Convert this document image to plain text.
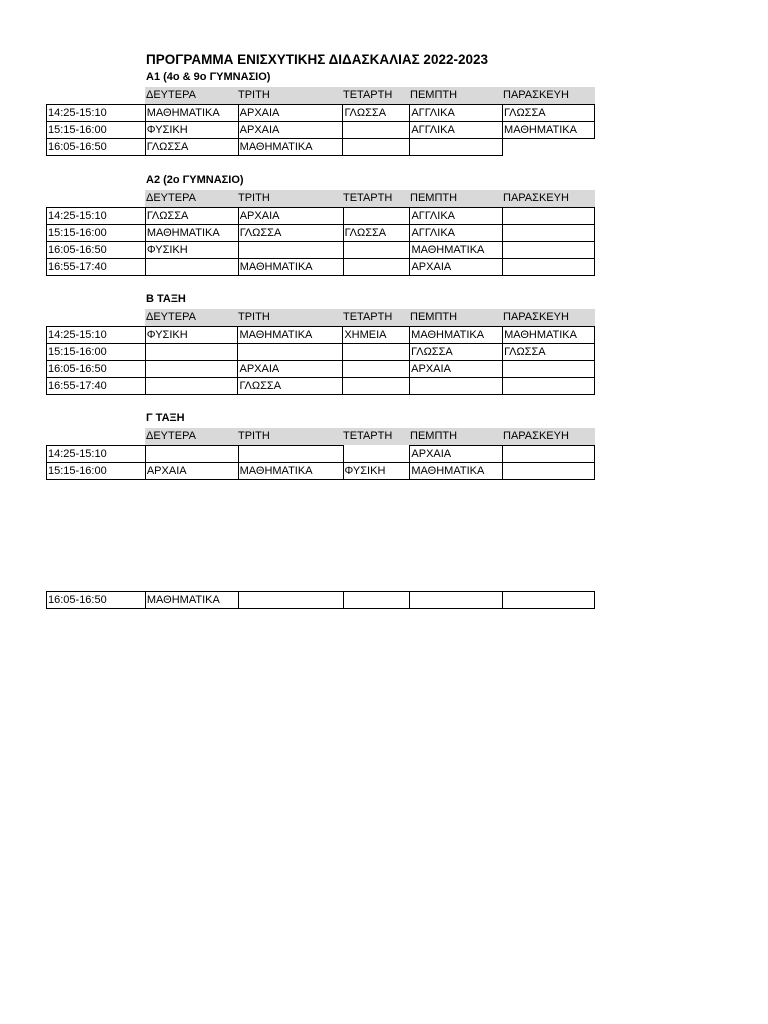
ΠΡΟΓΡΑΜΜΑ ΕΝΙΣΧΥΤΙΚΗΣ ΔΙΔΑΣΚΑΛΙΑΣ 2022-2023
Α1 (4ο & 9ο ΓΥΜΝΑΣΙΟ)
ΔΕΥΤΕΡΑ	ΤΡΙΤΗ	ΤΕΤΑΡΤΗ ΠΕΜΠΤΗ	ΠΑΡΑΣΚΕΥΗ
14:25-15:10	ΜΑΘΗΜΑΤΙΚΑ	ΑΡΧΑΙΑ	ΓΛΩΣΣΑ	ΑΓΓΛΙΚΑ	ΓΛΩΣΣΑ
15:15-16:00	ΦΥΣΙΚΗ	ΑΡΧΑΙΑ		ΑΓΓΛΙΚΑ	ΜΑΘΗΜΑΤΙΚΑ
16:05-16:50	ΓΛΩΣΣΑ	ΜΑΘΗΜΑΤΙΚΑ			
Α2 (2ο ΓΥΜΝΑΣΙΟ)
ΔΕΥΤΕΡΑ	ΤΡΙΤΗ	ΤΕΤΑΡΤΗ ΠΕΜΠΤΗ	ΠΑΡΑΣΚΕΥΗ
14:25-15:10	ΓΛΩΣΣΑ	ΑΡΧΑΙΑ		ΑΓΓΛΙΚΑ	
15:15-16:00	ΜΑΘΗΜΑΤΙΚΑ	ΓΛΩΣΣΑ	ΓΛΩΣΣΑ	ΑΓΓΛΙΚΑ	
16:05-16:50	ΦΥΣΙΚΗ			ΜΑΘΗΜΑΤΙΚΑ	
16:55-17:40		ΜΑΘΗΜΑΤΙΚΑ		ΑΡΧΑΙΑ	
Β ΤΑΞΗ
ΔΕΥΤΕΡΑ	ΤΡΙΤΗ	ΤΕΤΑΡΤΗ ΠΕΜΠΤΗ	ΠΑΡΑΣΚΕΥΗ
14:25-15:10	ΦΥΣΙΚΗ	ΜΑΘΗΜΑΤΙΚΑ	ΧΗΜΕΙΑ	ΜΑΘΗΜΑΤΙΚΑ	ΜΑΘΗΜΑΤΙΚΑ
15:15-16:00				ΓΛΩΣΣΑ	ΓΛΩΣΣΑ
16:05-16:50		ΑΡΧΑΙΑ		ΑΡΧΑΙΑ	
16:55-17:40		ΓΛΩΣΣΑ			
Γ ΤΑΞΗ
ΔΕΥΤΕΡΑ	ΤΡΙΤΗ	ΤΕΤΑΡΤΗ ΠΕΜΠΤΗ	ΠΑΡΑΣΚΕΥΗ
14:25-15:10				ΑΡΧΑΙΑ	
15:15-16:00	ΑΡΧΑΙΑ	ΜΑΘΗΜΑΤΙΚΑ	ΦΥΣΙΚΗ	ΜΑΘΗΜΑΤΙΚΑ	
16:05-16:50	ΜΑΘΗΜΑΤΙΚΑ				
